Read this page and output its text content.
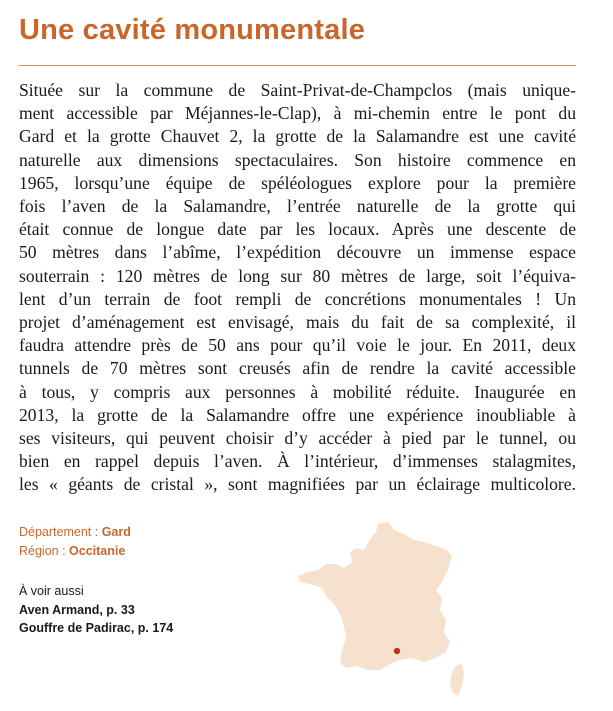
Une cavité monumentale

Située sur la commune de Saint-Privat-de-Champclos (mais unique-
ment accessible par Méjannes-le-Clap), à mi-chemin entre le pont du
Gard et la grotte Chauvet 2, la grotte de la Salamandre est une cavité
naturelle aux dimensions spectaculaires. Son histoire commence en
1965, lorsqu’une équipe de spéléologues explore pour la première
fois l’aven de la Salamandre, l’entrée naturelle de la grotte qui
était connue de longue date par les locaux. Après une descente de
50 mètres dans l’abîme, l’expédition découvre un immense espace
souterrain : 120 mètres de long sur 80 mètres de large, soit l’équiva-
lent d’un terrain de foot rempli de concrétions monumentales ! Un
projet d’aménagement est envisagé, mais du fait de sa complexité, il
faudra attendre près de 50 ans pour qu’il voie le jour. En 2011, deux
tunnels de 70 mètres sont creusés afin de rendre la cavité accessible
à tous, y compris aux personnes à mobilité réduite. Inaugurée en
2013, la grotte de la Salamandre offre une expérience inoubliable à
ses visiteurs, qui peuvent choisir d’y accéder à pied par le tunnel, ou
bien en rappel depuis l’aven. À l’intérieur, d’immenses stalagmites,
les « géants de cristal », sont magnifiées par un éclairage multicolore.

Département : Gard
Région : Occitanie
À voir aussi
Aven Armand, p. 33
Gouffre de Padirac, p. 174
